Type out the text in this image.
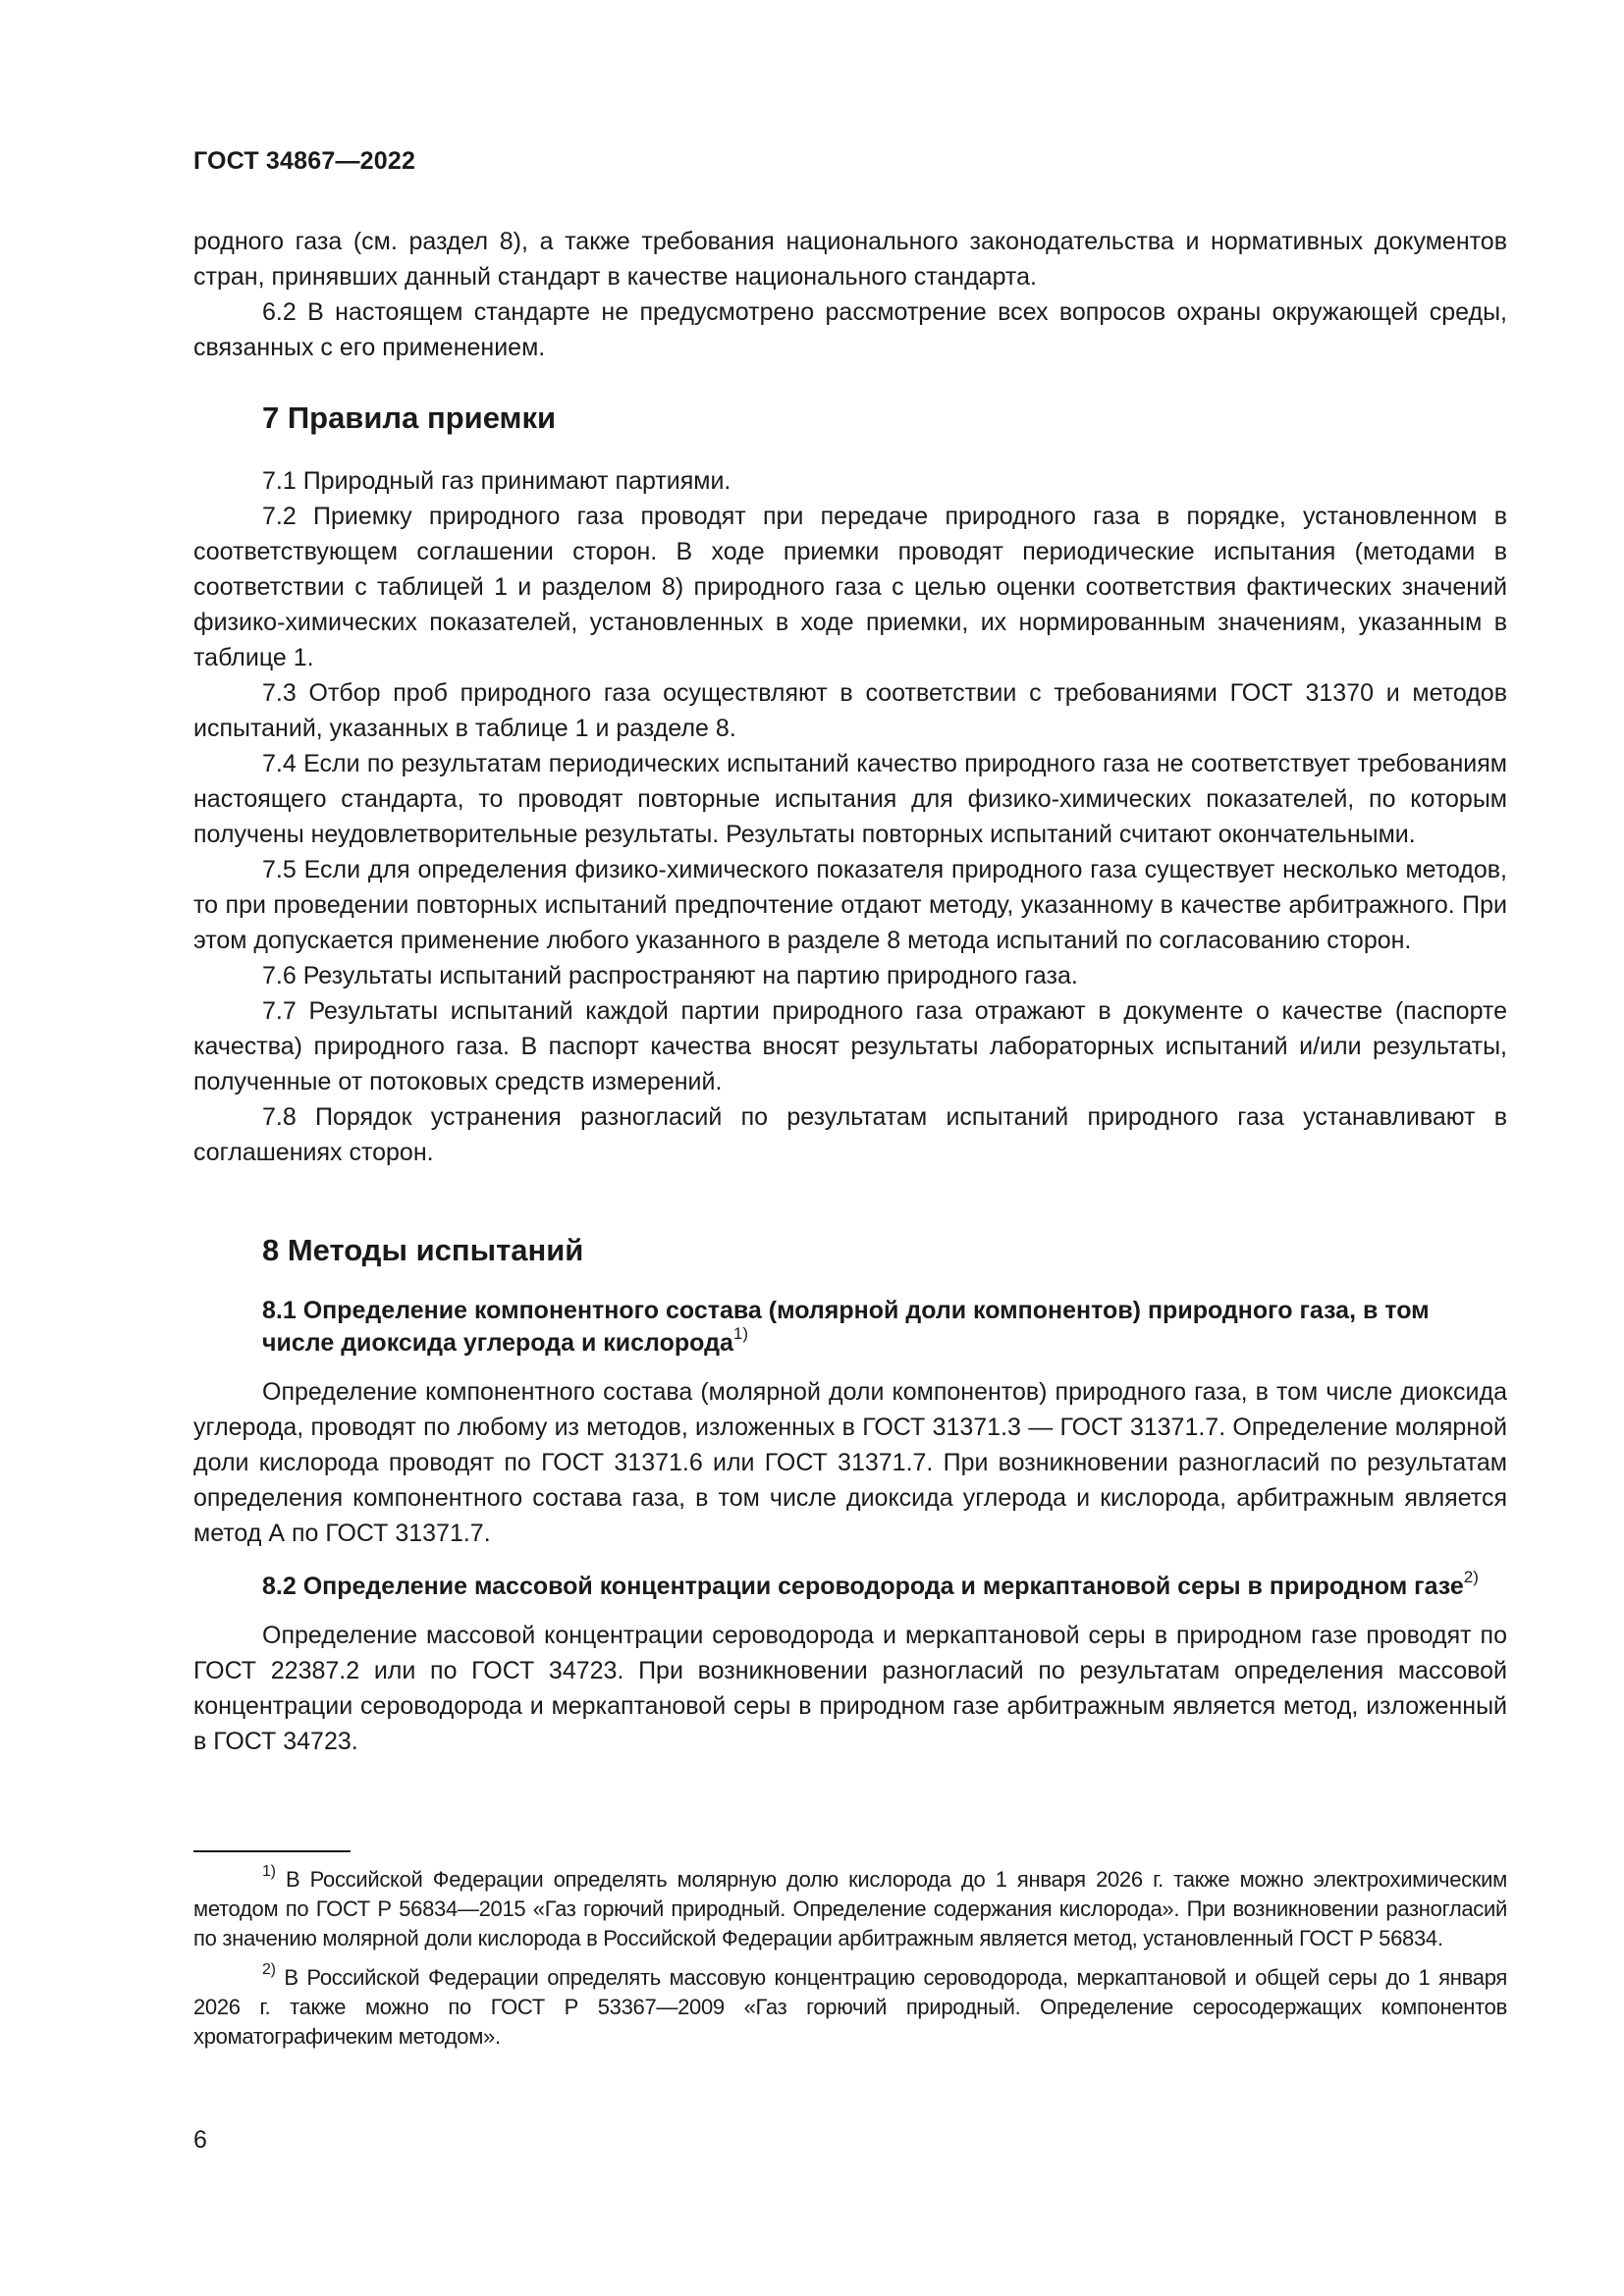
ГОСТ 34867—2022

родного газа (см. раздел 8), а также требования национального законодательства и нормативных документов стран, принявших данный стандарт в качестве национального стандарта.

6.2 В настоящем стандарте не предусмотрено рассмотрение всех вопросов охраны окружающей среды, связанных с его применением.

7 Правила приемки

7.1 Природный газ принимают партиями.

7.2 Приемку природного газа проводят при передаче природного газа в порядке, установленном в соответствующем соглашении сторон. В ходе приемки проводят периодические испытания (методами в соответствии с таблицей 1 и разделом 8) природного газа с целью оценки соответствия фактических значений физико-химических показателей, установленных в ходе приемки, их нормированным значениям, указанным в таблице 1.

7.3 Отбор проб природного газа осуществляют в соответствии с требованиями ГОСТ 31370 и методов испытаний, указанных в таблице 1 и разделе 8.

7.4 Если по результатам периодических испытаний качество природного газа не соответствует требованиям настоящего стандарта, то проводят повторные испытания для физико-химических показателей, по которым получены неудовлетворительные результаты. Результаты повторных испытаний считают окончательными.

7.5 Если для определения физико-химического показателя природного газа существует несколько методов, то при проведении повторных испытаний предпочтение отдают методу, указанному в качестве арбитражного. При этом допускается применение любого указанного в разделе 8 метода испытаний по согласованию сторон.

7.6 Результаты испытаний распространяют на партию природного газа.

7.7 Результаты испытаний каждой партии природного газа отражают в документе о качестве (паспорте качества) природного газа. В паспорт качества вносят результаты лабораторных испытаний и/или результаты, полученные от потоковых средств измерений.

7.8 Порядок устранения разногласий по результатам испытаний природного газа устанавливают в соглашениях сторон.

8 Методы испытаний
8.1 Определение компонентного состава (молярной доли компонентов) природного газа, в том числе диоксида углерода и кислорода$^{1)}$

Определение компонентного состава (молярной доли компонентов) природного газа, в том числе диоксида углерода, проводят по любому из методов, изложенных в ГОСТ 31371.3 — ГОСТ 31371.7. Определение молярной доли кислорода проводят по ГОСТ 31371.6 или ГОСТ 31371.7. При возникновении разногласий по результатам определения компонентного состава газа, в том числе диоксида углерода и кислорода, арбитражным является метод А по ГОСТ 31371.7.

8.2 Определение массовой концентрации сероводорода и меркаптановой серы в природном газе$^{2)}$

Определение массовой концентрации сероводорода и меркаптановой серы в природном газе проводят по ГОСТ 22387.2 или по ГОСТ 34723. При возникновении разногласий по результатам определения массовой концентрации сероводорода и меркаптановой серы в природном газе арбитражным является метод, изложенный в ГОСТ 34723.

$^{1)}$ В Российской Федерации определять молярную долю кислорода до 1 января 2026 г. также можно электрохимическим методом по ГОСТ Р 56834—2015 «Газ горючий природный. Определение содержания кислорода». При возникновении разногласий по значению молярной доли кислорода в Российской Федерации арбитражным является метод, установленный ГОСТ Р 56834.

$^{2)}$ В Российской Федерации определять массовую концентрацию сероводорода, меркаптановой и общей серы до 1 января 2026 г. также можно по ГОСТ Р 53367—2009 «Газ горючий природный. Определение серосодержащих компонентов хроматографичеким методом».

6
